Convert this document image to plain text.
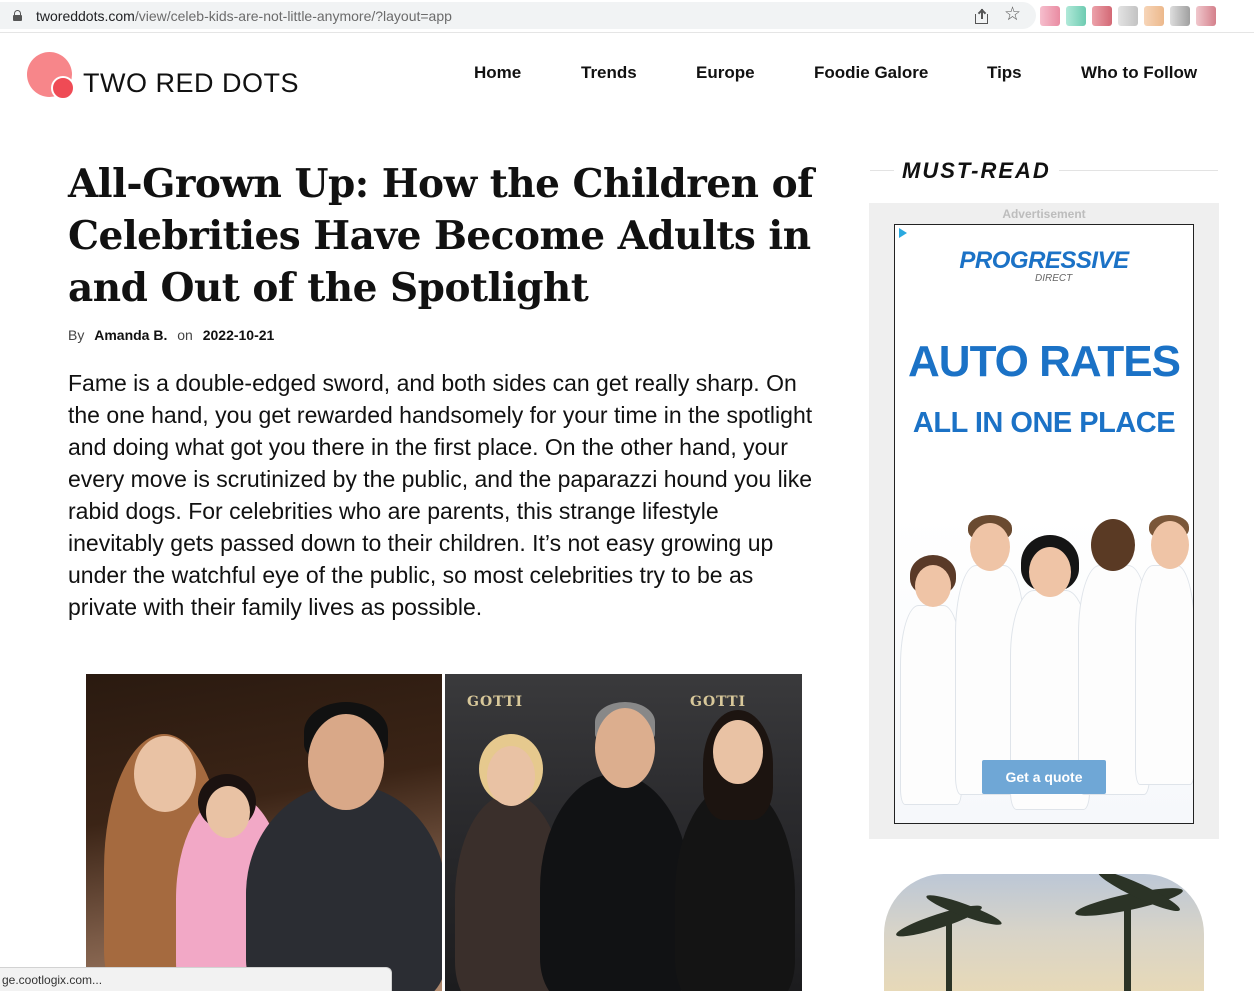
tworeddots.com/view/celeb-kids-are-not-little-anymore/?layout=app	☆
TWO RED DOTS	Home	Trends	Europe	Foodie Galore	Tips	Who to Follow
All-Grown Up: How the Children of Celebrities Have Become Adults in and Out of the Spotlight
By Amanda B. on 2022-10-21

Fame is a double-edged sword, and both sides can get really sharp. On the one hand, you get rewarded handsomely for your time in the spotlight and doing what got you there in the first place. On the other hand, your every move is scrutinized by the public, and the paparazzi hound you like rabid dogs. For celebrities who are parents, this strange lifestyle inevitably gets passed down to their children. It’s not easy growing up under the watchful eye of the public, so most celebrities try to be as private with their family lives as possible.

GOTTI	GOTTI
MUST-READ
Advertisement
PROGRESSIVE
DIRECT
AUTO RATES
ALL IN ONE PLACE
Get a quote
ge.cootlogix.com...
